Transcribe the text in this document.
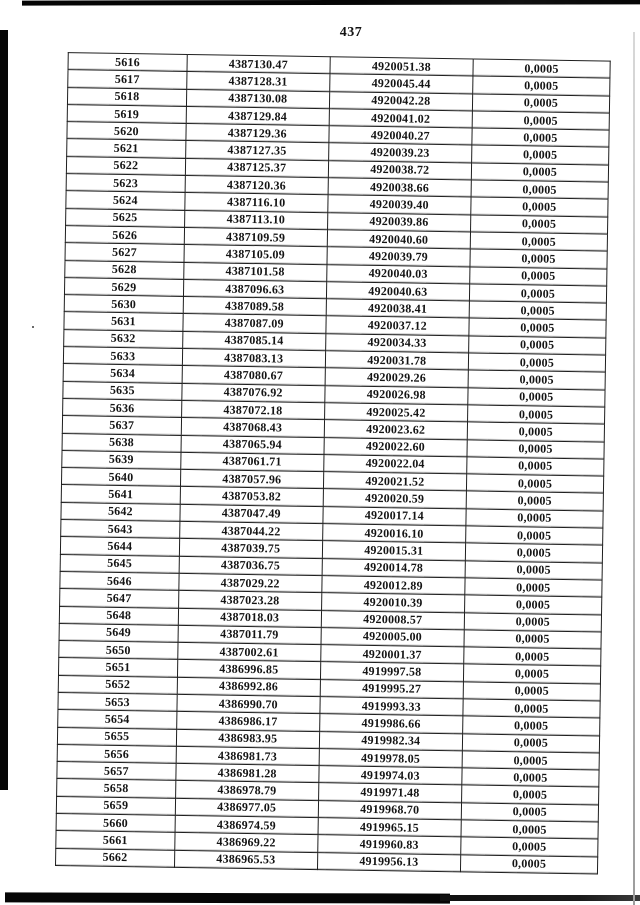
437
5616	4387130.47	4920051.38	0,0005
5617	4387128.31	4920045.44	0,0005
5618	4387130.08	4920042.28	0,0005
5619	4387129.84	4920041.02	0,0005
5620	4387129.36	4920040.27	0,0005
5621	4387127.35	4920039.23	0,0005
5622	4387125.37	4920038.72	0,0005
5623	4387120.36	4920038.66	0,0005
5624	4387116.10	4920039.40	0,0005
5625	4387113.10	4920039.86	0,0005
5626	4387109.59	4920040.60	0,0005
5627	4387105.09	4920039.79	0,0005
5628	4387101.58	4920040.03	0,0005
5629	4387096.63	4920040.63	0,0005
5630	4387089.58	4920038.41	0,0005
5631	4387087.09	4920037.12	0,0005
5632	4387085.14	4920034.33	0,0005
5633	4387083.13	4920031.78	0,0005
5634	4387080.67	4920029.26	0,0005
5635	4387076.92	4920026.98	0,0005
5636	4387072.18	4920025.42	0,0005
5637	4387068.43	4920023.62	0,0005
5638	4387065.94	4920022.60	0,0005
5639	4387061.71	4920022.04	0,0005
5640	4387057.96	4920021.52	0,0005
5641	4387053.82	4920020.59	0,0005
5642	4387047.49	4920017.14	0,0005
5643	4387044.22	4920016.10	0,0005
5644	4387039.75	4920015.31	0,0005
5645	4387036.75	4920014.78	0,0005
5646	4387029.22	4920012.89	0,0005
5647	4387023.28	4920010.39	0,0005
5648	4387018.03	4920008.57	0,0005
5649	4387011.79	4920005.00	0,0005
5650	4387002.61	4920001.37	0,0005
5651	4386996.85	4919997.58	0,0005
5652	4386992.86	4919995.27	0,0005
5653	4386990.70	4919993.33	0,0005
5654	4386986.17	4919986.66	0,0005
5655	4386983.95	4919982.34	0,0005
5656	4386981.73	4919978.05	0,0005
5657	4386981.28	4919974.03	0,0005
5658	4386978.79	4919971.48	0,0005
5659	4386977.05	4919968.70	0,0005
5660	4386974.59	4919965.15	0,0005
5661	4386969.22	4919960.83	0,0005
5662	4386965.53	4919956.13	0,0005
